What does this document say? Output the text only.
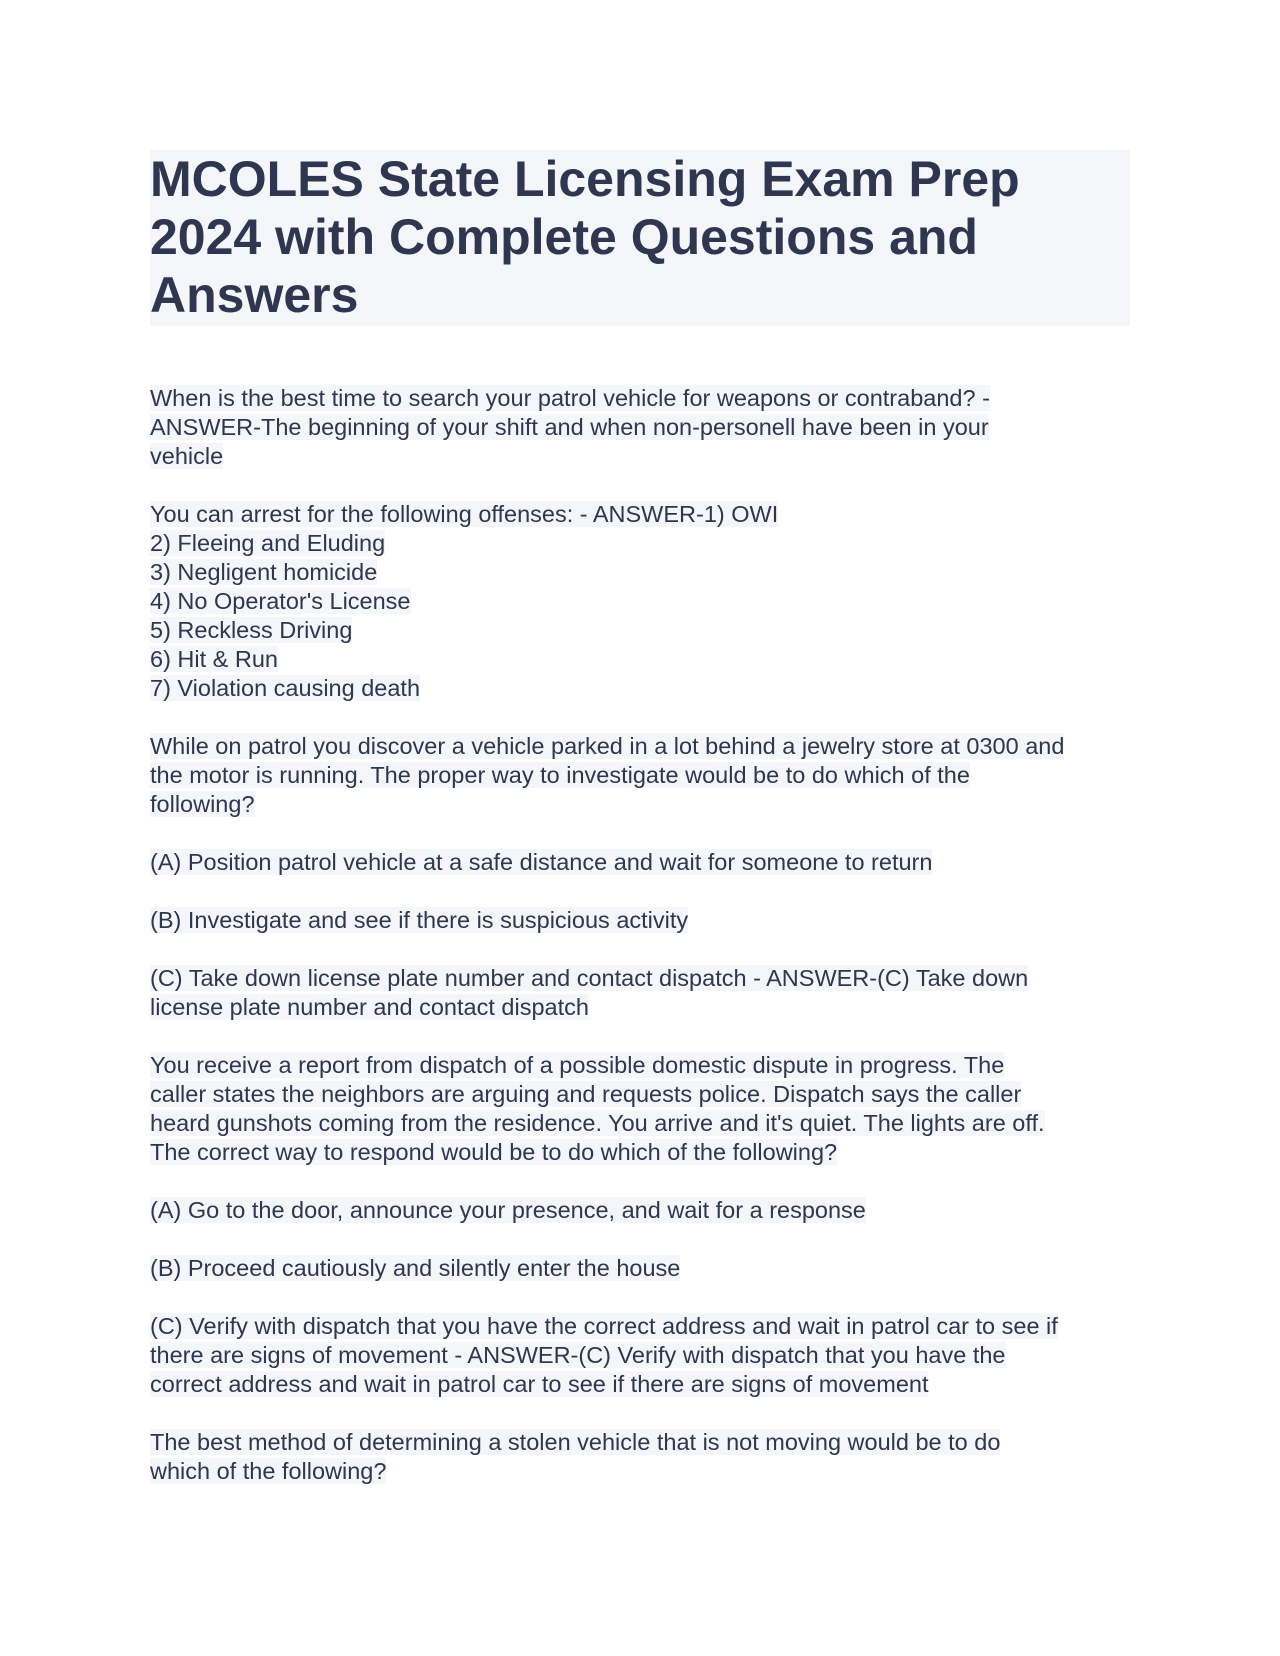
MCOLES State Licensing Exam Prep 2024 with Complete Questions and Answers

When is the best time to search your patrol vehicle for weapons or contraband? -
ANSWER-The beginning of your shift and when non-personell have been in your
vehicle

You can arrest for the following offenses: - ANSWER-1) OWI
2) Fleeing and Eluding
3) Negligent homicide
4) No Operator's License
5) Reckless Driving
6) Hit & Run
7) Violation causing death

While on patrol you discover a vehicle parked in a lot behind a jewelry store at 0300 and
the motor is running. The proper way to investigate would be to do which of the
following?

(A) Position patrol vehicle at a safe distance and wait for someone to return

(B) Investigate and see if there is suspicious activity

(C) Take down license plate number and contact dispatch - ANSWER-(C) Take down
license plate number and contact dispatch

You receive a report from dispatch of a possible domestic dispute in progress. The
caller states the neighbors are arguing and requests police. Dispatch says the caller
heard gunshots coming from the residence. You arrive and it's quiet. The lights are off.
The correct way to respond would be to do which of the following?

(A) Go to the door, announce your presence, and wait for a response

(B) Proceed cautiously and silently enter the house

(C) Verify with dispatch that you have the correct address and wait in patrol car to see if
there are signs of movement - ANSWER-(C) Verify with dispatch that you have the
correct address and wait in patrol car to see if there are signs of movement

The best method of determining a stolen vehicle that is not moving would be to do
which of the following?
